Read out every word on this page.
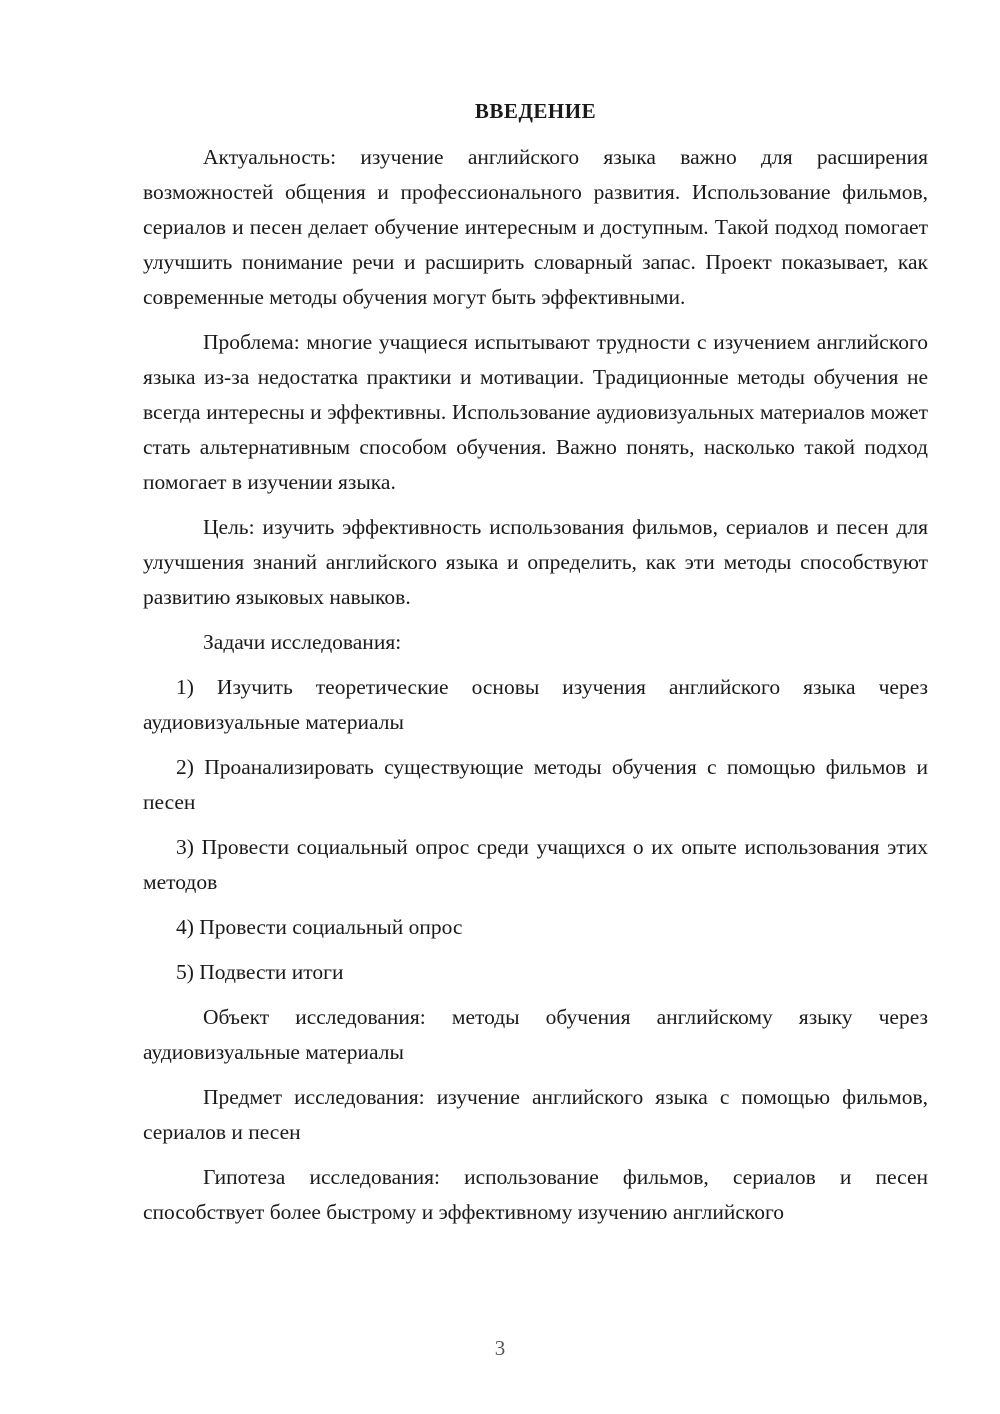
ВВЕДЕНИЕ

Актуальность: изучение английского языка важно для расширения возможностей общения и профессионального развития. Использование фильмов, сериалов и песен делает обучение интересным и доступным. Такой подход помогает улучшить понимание речи и расширить словарный запас. Проект показывает, как современные методы обучения могут быть эффективными.

Проблема: многие учащиеся испытывают трудности с изучением английского языка из-за недостатка практики и мотивации. Традиционные методы обучения не всегда интересны и эффективны. Использование аудиовизуальных материалов может стать альтернативным способом обучения. Важно понять, насколько такой подход помогает в изучении языка.

Цель: изучить эффективность использования фильмов, сериалов и песен для улучшения знаний английского языка и определить, как эти методы способствуют развитию языковых навыков.

Задачи исследования:

1) Изучить теоретические основы изучения английского языка через аудиовизуальные материалы

2) Проанализировать существующие методы обучения с помощью фильмов и песен

3) Провести социальный опрос среди учащихся о их опыте использования этих методов

4) Провести социальный опрос

5) Подвести итоги

Объект исследования: методы обучения английскому языку через аудиовизуальные материалы

Предмет исследования: изучение английского языка с помощью фильмов, сериалов и песен

Гипотеза исследования: использование фильмов, сериалов и песен способствует более быстрому и эффективному изучению английского

3
